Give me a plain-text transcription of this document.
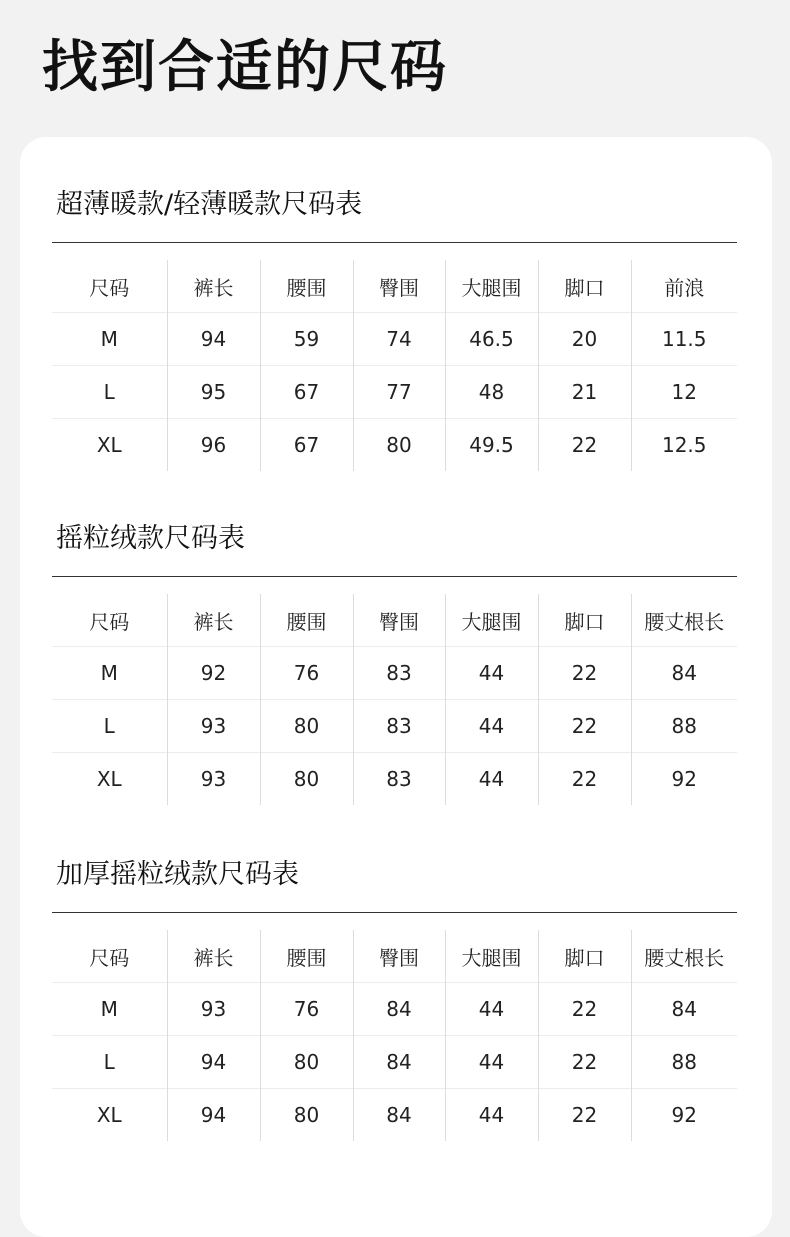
找到合适的尺码
超薄暖款/轻薄暖款尺码表
尺码	裤长	腰围	臀围	大腿围	脚口	前浪
M	94	59	74	46.5	20	11.5
L	95	67	77	48	21	12
XL	96	67	80	49.5	22	12.5
摇粒绒款尺码表
尺码	裤长	腰围	臀围	大腿围	脚口	腰丈根长
M	92	76	83	44	22	84
L	93	80	83	44	22	88
XL	93	80	83	44	22	92
加厚摇粒绒款尺码表
尺码	裤长	腰围	臀围	大腿围	脚口	腰丈根长
M	93	76	84	44	22	84
L	94	80	84	44	22	88
XL	94	80	84	44	22	92
